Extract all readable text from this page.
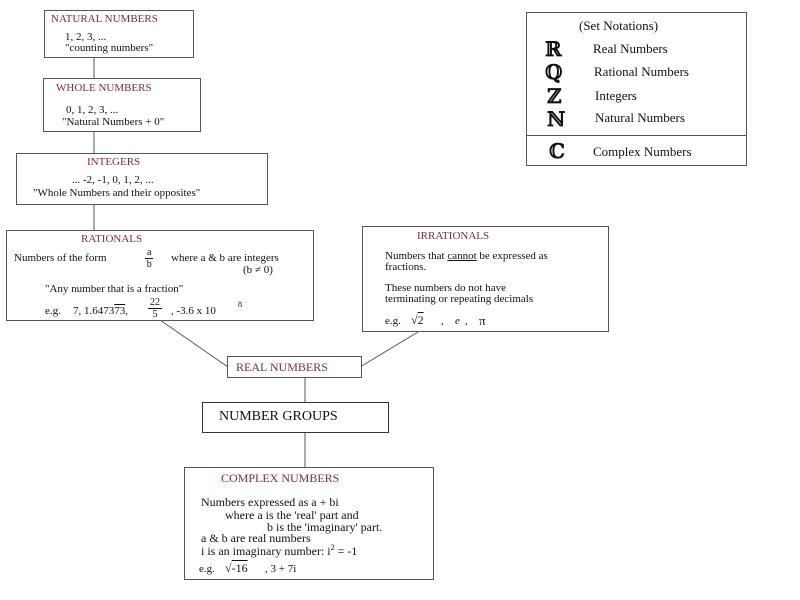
NATURAL NUMBERS
1, 2, 3, ...
"counting numbers"
WHOLE NUMBERS
0, 1, 2, 3, ...
"Natural Numbers + 0"
INTEGERS
... -2, -1, 0, 1, 2, ...
"Whole Numbers and their opposites"
RATIONALS
Numbers of the form	$\frac{a}{b}$ where a & b are integers
(b ≠ 0)
"Any number that is a fraction"
e.g. 7, 1.647373, $\frac{22}{5}$ , -3.6 x 10
8
IRRATIONALS
Numbers that cannot be expressed as
fractions.
These numbers do not have
terminating or repeating decimals
e.g. √2 , e , π
REAL NUMBERS
NUMBER GROUPS
COMPLEX NUMBERS
Numbers expressed as a + bi
where a is the 'real' part and
b is the 'imaginary' part.
a & b are real numbers
i is an imaginary number: $i^2 = -1$
e.g. √-16 , 3 + 7i
(Set Notations)
ℝ Real Numbers
ℚ Rational Numbers
ℤ	Integers
ℕ Natural Numbers
ℂ Complex Numbers
